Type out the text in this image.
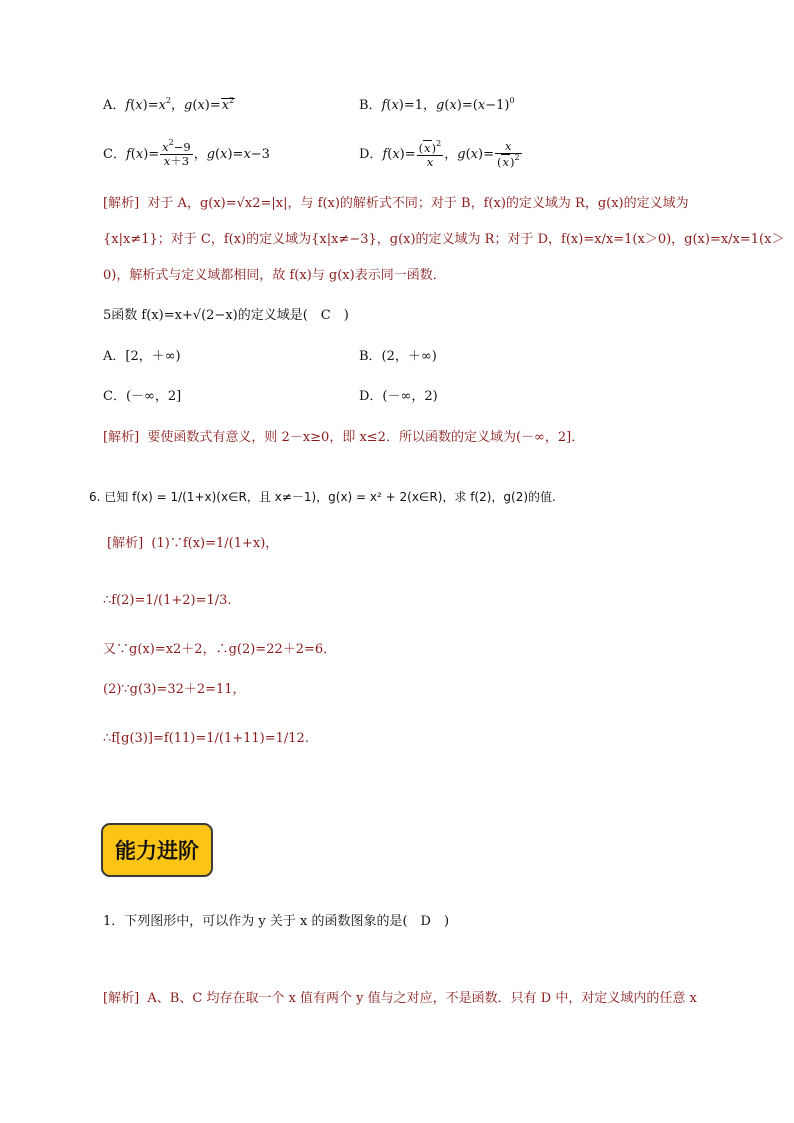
A．$f(x)=x^2$，$g(x)=x^2$	B．f(x)=1，$g(x)=(x-1)^0$
C．$f(x)= \frac{x^2-9}{x+3}$ ，g(x)=x−3	D．$f(x)= \frac{(x)^2}{x}$ ，$g(x)= \frac{x}{(x)^2}$
[解析] 对于 A，g(x)=√x2=|x|，与 f(x)的解析式不同；对于 B，f(x)的定义域为 R，g(x)的定义域为
{x|x≠1}；对于 C，f(x)的定义域为{x|x≠−3}，g(x)的定义域为 R；对于 D，f(x)=x/x=1(x＞0)，g(x)=x/x=1(x＞
0)，解析式与定义域都相同，故 f(x)与 g(x)表示同一函数．
5函数 f(x)=x+√(2−x)的定义域是(　C　)
A．[2，＋∞)	B．(2，＋∞)
C．(－∞，2]	D．(－∞，2)
[解析] 要使函数式有意义，则 2－x≥0，即 x≤2．所以函数的定义域为(－∞，2]．
6. 已知 f(x) = 1/(1+x)(x∈R，且 x≠－1)，g(x) = x² + 2(x∈R)，求 f(2)，g(2)的值.
[解析] (1)∵f(x)=1/(1+x)，
∴f(2)=1/(1+2)=1/3.
又∵g(x)=x2＋2，∴g(2)=22＋2=6．
(2)∵g(3)=32＋2=11，
∴f[g(3)]=f(11)=1/(1+11)=1/12.
能力进阶
1．下列图形中，可以作为 y 关于 x 的函数图象的是(　D　)
[解析] A、B、C 均存在取一个 x 值有两个 y 值与之对应，不是函数．只有 D 中，对定义域内的任意 x
